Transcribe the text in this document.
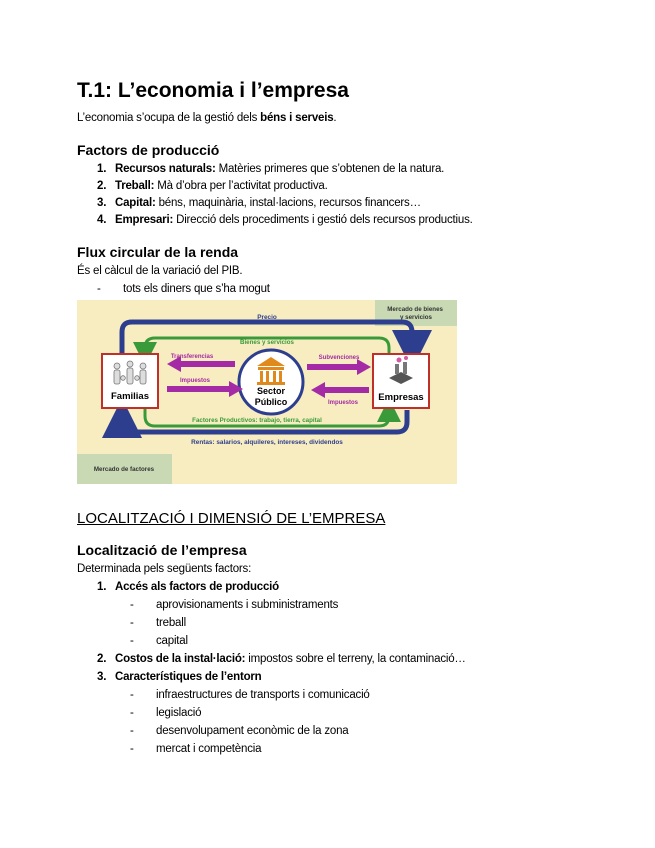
T.1: L’economia i l’empresa
L’economia s’ocupa de la gestió dels béns i serveis.
Factors de producció
1. Recursos naturals: Matèries primeres que s’obtenen de la natura.
2. Treball: Mà d’obra per l’activitat productiva.
3. Capital: béns, maquinària, instal·lacions, recursos financers…
4. Empresari: Direcció dels procediments i gestió dels recursos productius.
Flux circular de la renda
És el càlcul de la variació del PIB.
- tots els diners que s’ha mogut
Mercado de bienes y servicios
Mercado de factores
Precio
Rentas: salarios, alquileres, intereses, dividendos
Bienes y servicios
Factores Productivos: trabajo, tierra, capital
Familias	Empresas
Sector
Público
Transferencias
Impuestos
Subvenciones
Impuestos
LOCALITZACIÓ I DIMENSIÓ DE L’EMPRESA
Localització de l’empresa
Determinada pels següents factors:
1. Accés als factors de producció
- aprovisionaments i subministraments
- treball
- capital
2. Costos de la instal·lació: impostos sobre el terreny, la contaminació…
3. Característiques de l’entorn
- infraestructures de transports i comunicació
- legislació
- desenvolupament econòmic de la zona
- mercat i competència
